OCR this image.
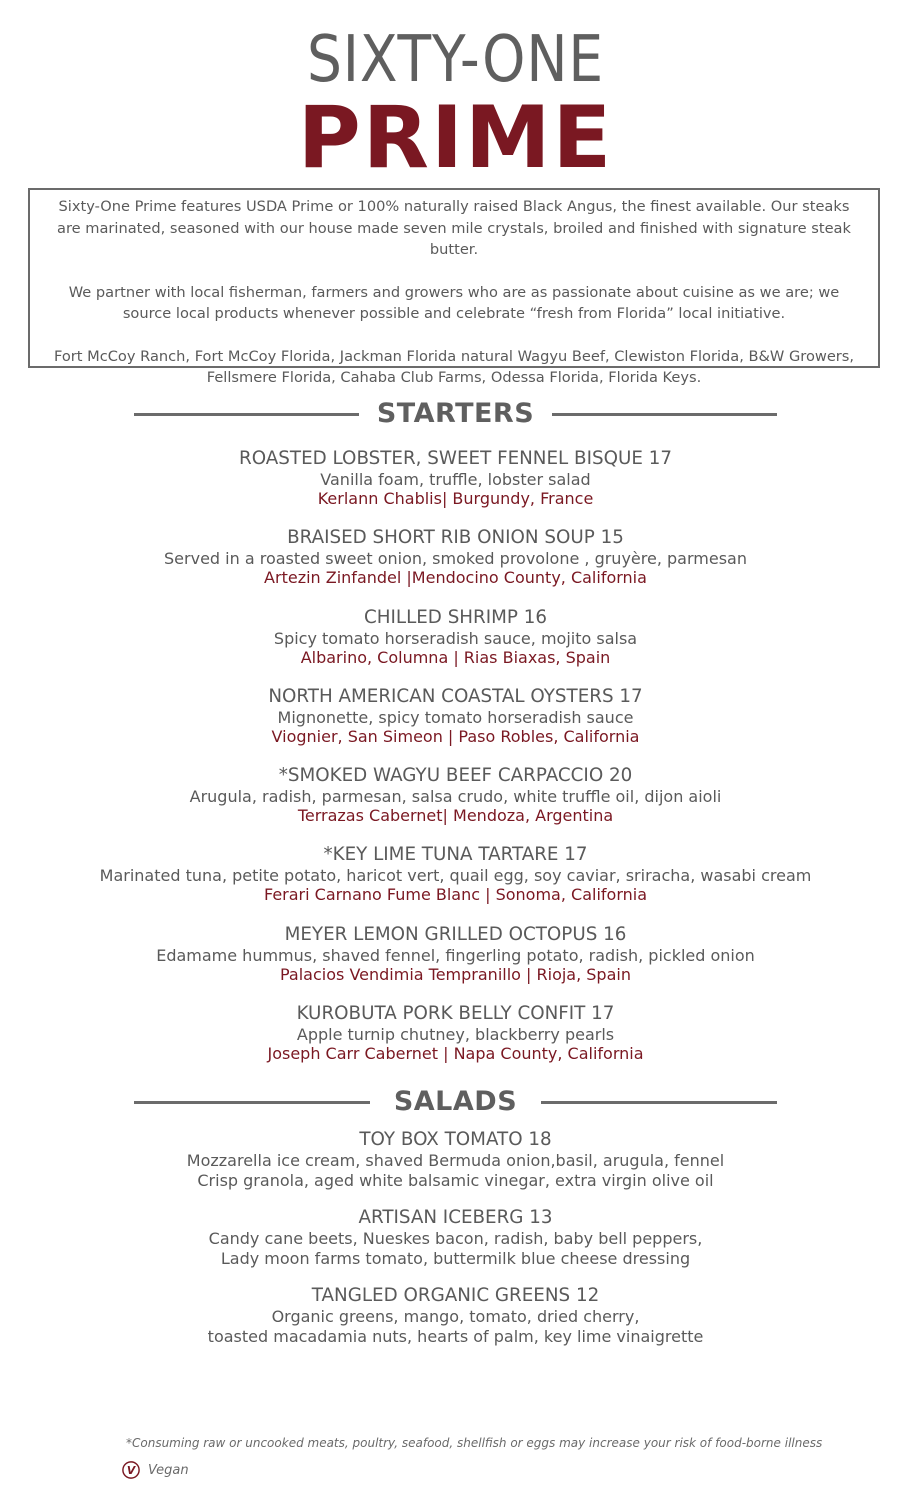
SIXTY-ONE
PRIME

Sixty-One Prime features USDA Prime or 100% naturally raised Black Angus, the finest available. Our steaks are marinated, seasoned with our house made seven mile crystals, broiled and finished with signature steak butter.

We partner with local fisherman, farmers and growers who are as passionate about cuisine as we are; we source local products whenever possible and celebrate “fresh from Florida” local initiative.

Fort McCoy Ranch, Fort McCoy Florida, Jackman Florida natural Wagyu Beef, Clewiston Florida, B&W Growers, Fellsmere Florida, Cahaba Club Farms, Odessa Florida, Florida Keys.

STARTERS
ROASTED LOBSTER, SWEET FENNEL BISQUE 17
Vanilla foam, truffle, lobster salad
Kerlann Chablis| Burgundy, France
BRAISED SHORT RIB ONION SOUP 15
Served in a roasted sweet onion, smoked provolone , gruyère, parmesan
Artezin Zinfandel |Mendocino County, California
CHILLED SHRIMP 16
Spicy tomato horseradish sauce, mojito salsa
Albarino, Columna | Rias Biaxas, Spain
NORTH AMERICAN COASTAL OYSTERS 17
Mignonette, spicy tomato horseradish sauce
Viognier, San Simeon | Paso Robles, California
*SMOKED WAGYU BEEF CARPACCIO 20
Arugula, radish, parmesan, salsa crudo, white truffle oil, dijon aioli
Terrazas Cabernet| Mendoza, Argentina
*KEY LIME TUNA TARTARE 17
Marinated tuna, petite potato, haricot vert, quail egg, soy caviar, sriracha, wasabi cream
Ferari Carnano Fume Blanc | Sonoma, California
MEYER LEMON GRILLED OCTOPUS 16
Edamame hummus, shaved fennel, fingerling potato, radish, pickled onion
Palacios Vendimia Tempranillo | Rioja, Spain
KUROBUTA PORK BELLY CONFIT 17
Apple turnip chutney, blackberry pearls
Joseph Carr Cabernet | Napa County, California
SALADS
TOY BOX TOMATO 18
Mozzarella ice cream, shaved Bermuda onion,basil, arugula, fennel
Crisp granola, aged white balsamic vinegar, extra virgin olive oil
ARTISAN ICEBERG 13
Candy cane beets, Nueskes bacon, radish, baby bell peppers,
Lady moon farms tomato, buttermilk blue cheese dressing
TANGLED ORGANIC GREENS 12
Organic greens, mango, tomato, dried cherry,
toasted macadamia nuts, hearts of palm, key lime vinaigrette
*Consuming raw or uncooked meats, poultry, seafood, shellfish or eggs may increase your risk of food-borne illness
V Vegan
